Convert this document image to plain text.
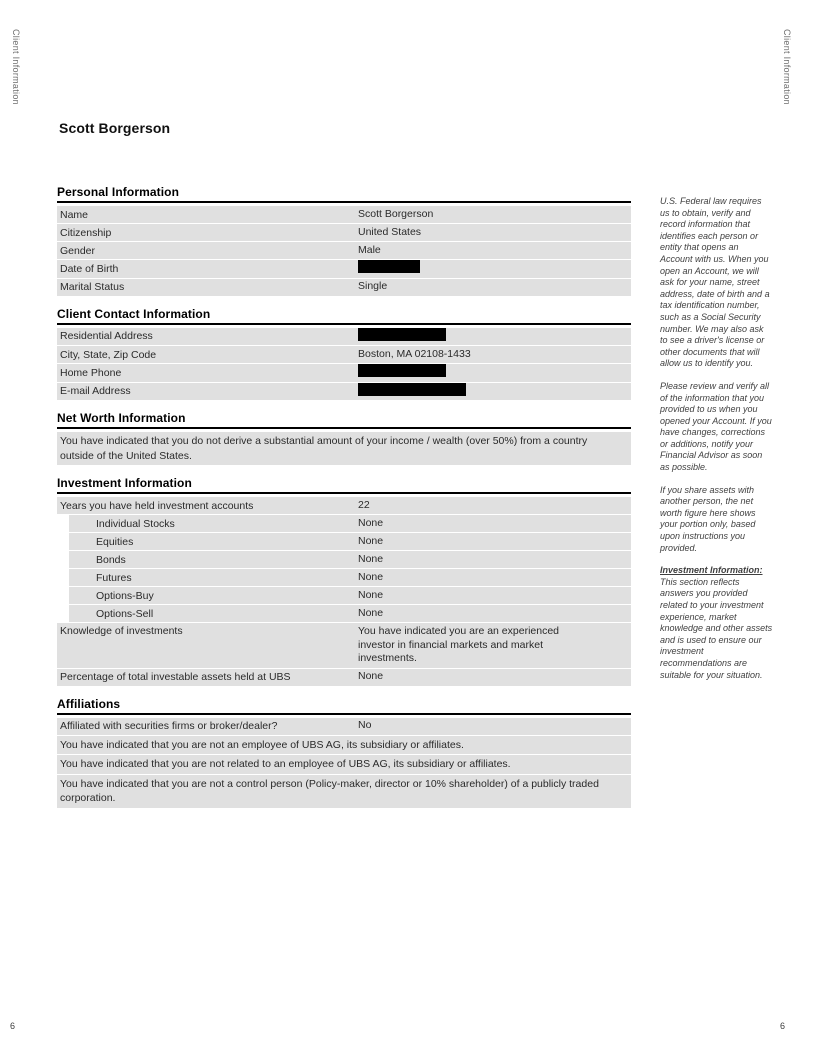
Client Information	Client Information
Scott Borgerson
Personal Information
Name	Scott Borgerson
Citizenship	United States
Gender	Male
Date of Birth
Marital Status	Single
Client Contact Information
Residential Address
City, State, Zip Code	Boston, MA 02108-1433
Home Phone
E-mail Address
Net Worth Information
You have indicated that you do not derive a substantial amount of your income / wealth (over 50%) from a country outside of the United States.
Investment Information
Years you have held investment accounts	22
Individual Stocks	None
Equities	None
Bonds	None
Futures	None
Options-Buy	None
Options-Sell	None
Knowledge of investments	You have indicated you are an experienced investor in financial markets and market investments.
Percentage of total investable assets held at UBS	None
Affiliations
Affiliated with securities firms or broker/dealer?	No
You have indicated that you are not an employee of UBS AG, its subsidiary or affiliates.
You have indicated that you are not related to an employee of UBS AG, its subsidiary or affiliates.
You have indicated that you are not a control person (Policy-maker, director or 10% shareholder) of a publicly traded corporation.

U.S. Federal law requires us to obtain, verify and record information that identifies each person or entity that opens an Account with us. When you open an Account, we will ask for your name, street address, date of birth and a tax identification number, such as a Social Security number. We may also ask to see a driver's license or other documents that will allow us to identify you.

Please review and verify all of the information that you provided to us when you opened your Account. If you have changes, corrections or additions, notify your Financial Advisor as soon as possible.

If you share assets with another person, the net worth figure here shows your portion only, based upon instructions you provided.

Investment Information:
This section reflects answers you provided related to your investment experience, market knowledge and other assets and is used to ensure our investment recommendations are suitable for your situation.

6	6
